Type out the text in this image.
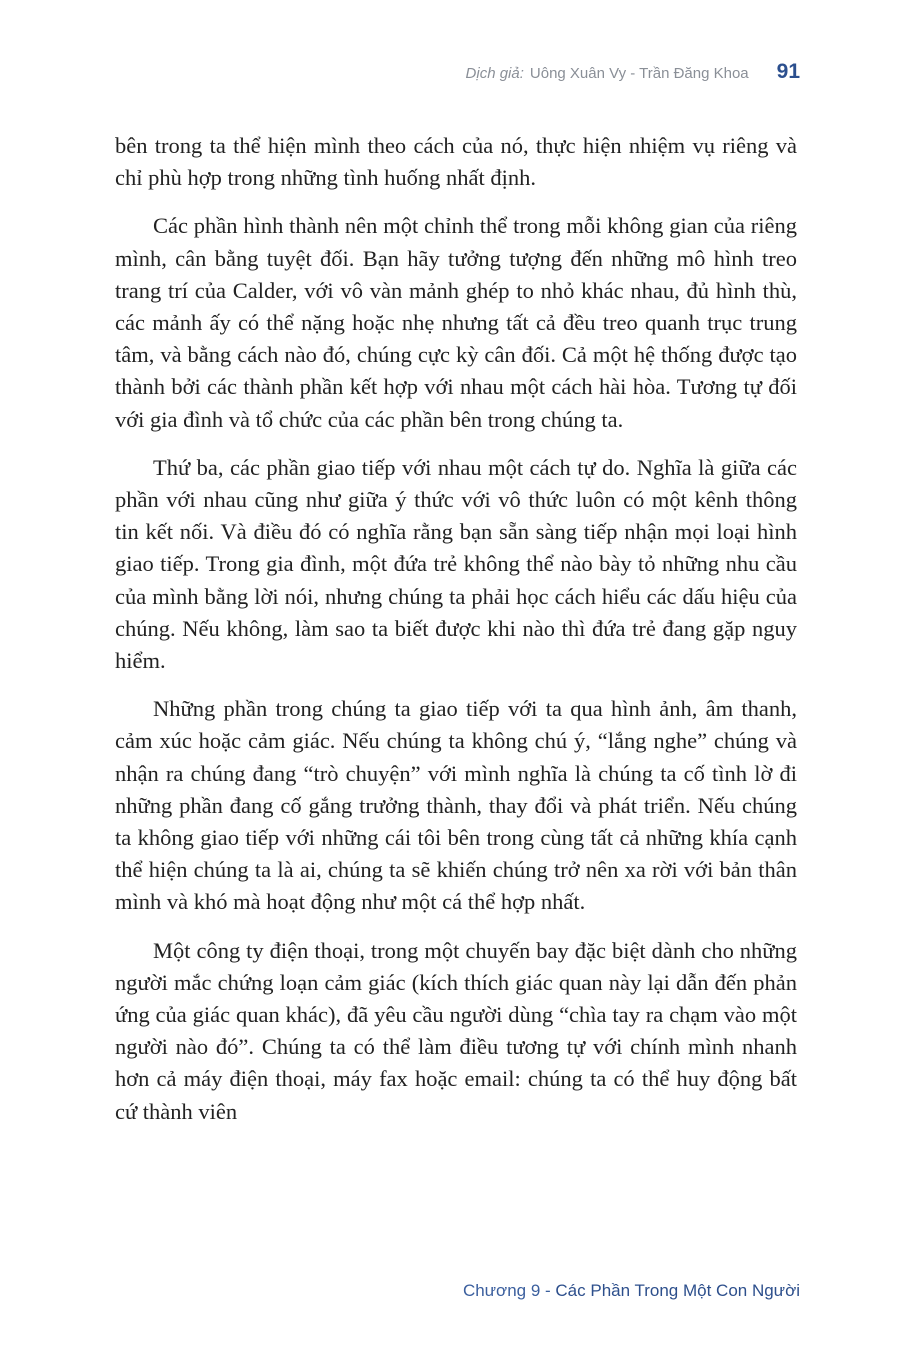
Dịch giả: Uông Xuân Vy - Trần Đăng Khoa 91

bên trong ta thể hiện mình theo cách của nó, thực hiện nhiệm vụ riêng và chỉ phù hợp trong những tình huống nhất định.

Các phần hình thành nên một chỉnh thể trong mỗi không gian của riêng mình, cân bằng tuyệt đối. Bạn hãy tưởng tượng đến những mô hình treo trang trí của Calder, với vô vàn mảnh ghép to nhỏ khác nhau, đủ hình thù, các mảnh ấy có thể nặng hoặc nhẹ nhưng tất cả đều treo quanh trục trung tâm, và bằng cách nào đó, chúng cực kỳ cân đối. Cả một hệ thống được tạo thành bởi các thành phần kết hợp với nhau một cách hài hòa. Tương tự đối với gia đình và tổ chức của các phần bên trong chúng ta.

Thứ ba, các phần giao tiếp với nhau một cách tự do. Nghĩa là giữa các phần với nhau cũng như giữa ý thức với vô thức luôn có một kênh thông tin kết nối. Và điều đó có nghĩa rằng bạn sẵn sàng tiếp nhận mọi loại hình giao tiếp. Trong gia đình, một đứa trẻ không thể nào bày tỏ những nhu cầu của mình bằng lời nói, nhưng chúng ta phải học cách hiểu các dấu hiệu của chúng. Nếu không, làm sao ta biết được khi nào thì đứa trẻ đang gặp nguy hiểm.

Những phần trong chúng ta giao tiếp với ta qua hình ảnh, âm thanh, cảm xúc hoặc cảm giác. Nếu chúng ta không chú ý, “lắng nghe” chúng và nhận ra chúng đang “trò chuyện” với mình nghĩa là chúng ta cố tình lờ đi những phần đang cố gắng trưởng thành, thay đổi và phát triển. Nếu chúng ta không giao tiếp với những cái tôi bên trong cùng tất cả những khía cạnh thể hiện chúng ta là ai, chúng ta sẽ khiến chúng trở nên xa rời với bản thân mình và khó mà hoạt động như một cá thể hợp nhất.

Một công ty điện thoại, trong một chuyến bay đặc biệt dành cho những người mắc chứng loạn cảm giác (kích thích giác quan này lại dẫn đến phản ứng của giác quan khác), đã yêu cầu người dùng “chìa tay ra chạm vào một người nào đó”. Chúng ta có thể làm điều tương tự với chính mình nhanh hơn cả máy điện thoại, máy fax hoặc email: chúng ta có thể huy động bất cứ thành viên

Chương 9 - Các Phần Trong Một Con Người
